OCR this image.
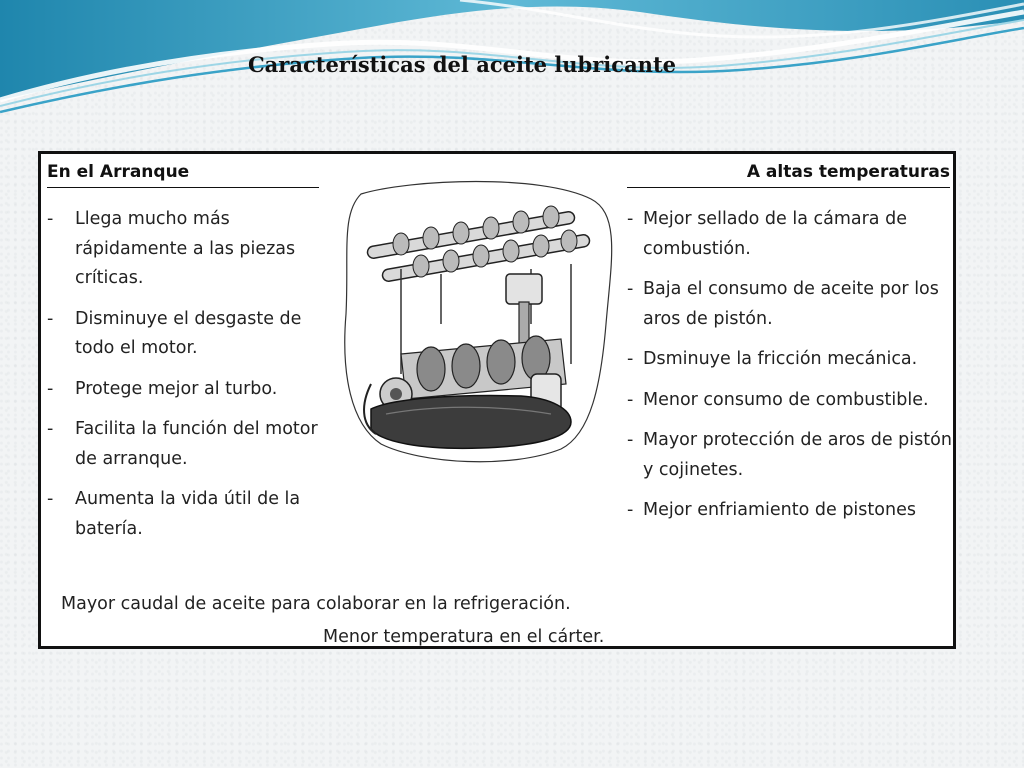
Características del aceite lubricante
En el Arranque	A altas temperaturas
- Llega mucho más rápidamente a las piezas críticas.
- Disminuye el desgaste de todo el motor.
- Protege mejor al turbo.
- Facilita la función del motor de arranque.
- Aumenta la vida útil de la batería.
- Mejor sellado de la cámara de combustión.
- Baja el consumo de aceite por los aros de pistón.
- Dsminuye la fricción mecánica.
- Menor consumo de combustible.
- Mayor protección de aros de pistón y cojinetes.
- Mejor enfriamiento de pistones
Mayor caudal de aceite para colaborar en la refrigeración.
Menor temperatura en el cárter.
